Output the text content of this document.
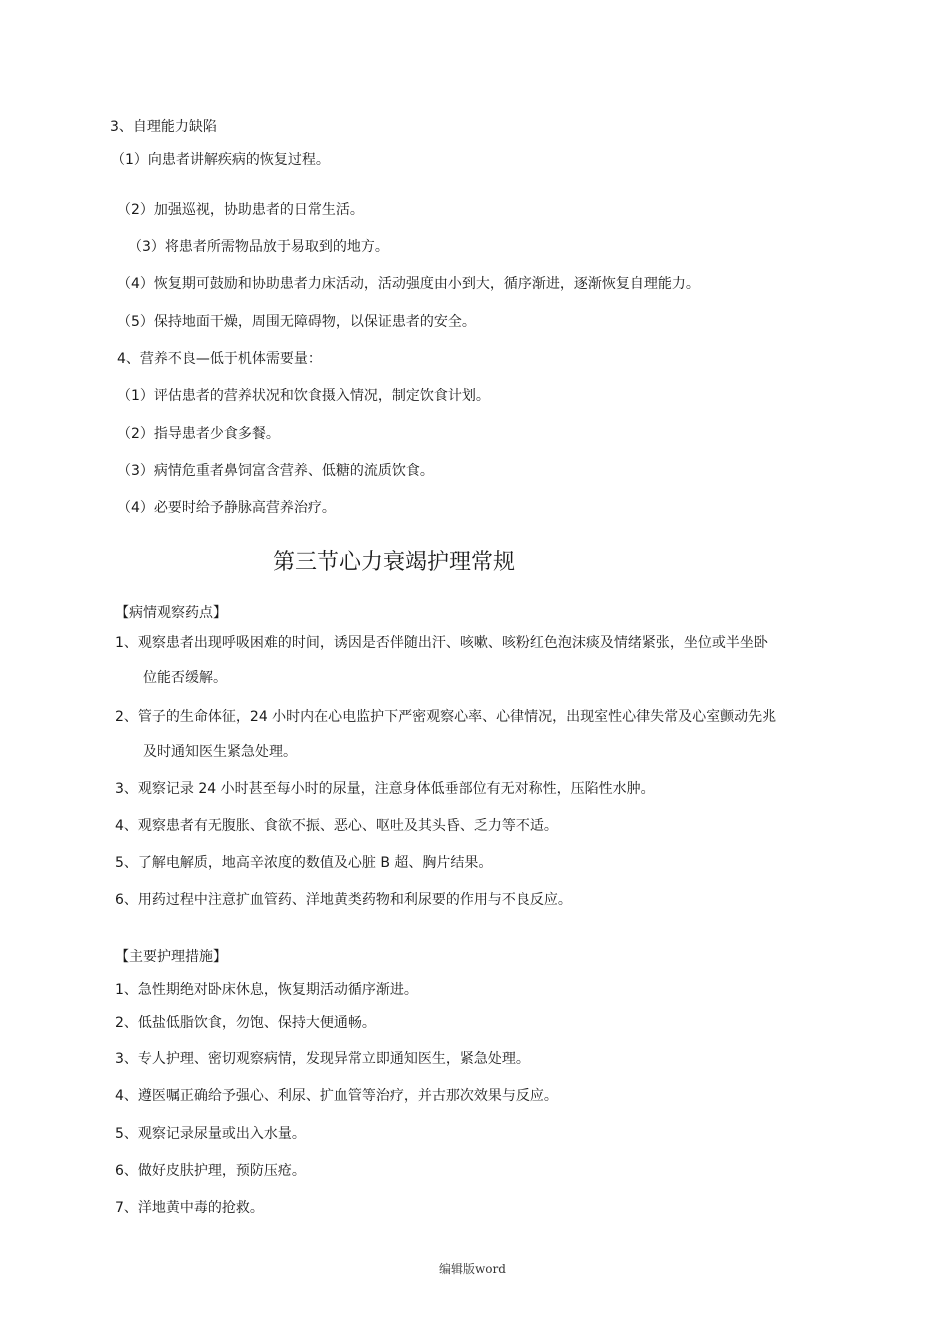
3、自理能力缺陷
（1）向患者讲解疾病的恢复过程。
（2）加强巡视，协助患者的日常生活。
（3）将患者所需物品放于易取到的地方。
（4）恢复期可鼓励和协助患者力床活动，活动强度由小到大，循序渐进，逐渐恢复自理能力。
（5）保持地面干燥，周围无障碍物，以保证患者的安全。
4、营养不良—低于机体需要量：
（1）评估患者的营养状况和饮食摄入情况，制定饮食计划。
（2）指导患者少食多餐。
（3）病情危重者鼻饲富含营养、低糖的流质饮食。
（4）必要时给予静脉高营养治疗。
第三节心力衰竭护理常规
【病情观察药点】
1、观察患者出现呼吸困难的时间，诱因是否伴随出汗、咳嗽、咳粉红色泡沫痰及情绪紧张，坐位或半坐卧
位能否缓解。
2、管子的生命体征，24 小时内在心电监护下严密观察心率、心律情况，出现室性心律失常及心室颤动先兆
及时通知医生紧急处理。
3、观察记录 24 小时甚至每小时的尿量，注意身体低垂部位有无对称性，压陷性水肿。
4、观察患者有无腹胀、食欲不振、恶心、呕吐及其头昏、乏力等不适。
5、了解电解质，地高辛浓度的数值及心脏 B 超、胸片结果。
6、用药过程中注意扩血管药、洋地黄类药物和利尿要的作用与不良反应。
【主要护理措施】
1、急性期绝对卧床休息，恢复期活动循序渐进。
2、低盐低脂饮食，勿饱、保持大便通畅。
3、专人护理、密切观察病情，发现异常立即通知医生，紧急处理。
4、遵医嘱正确给予强心、利尿、扩血管等治疗，并古那次效果与反应。
5、观察记录尿量或出入水量。
6、做好皮肤护理，预防压疮。
7、洋地黄中毒的抢救。
编辑版word
